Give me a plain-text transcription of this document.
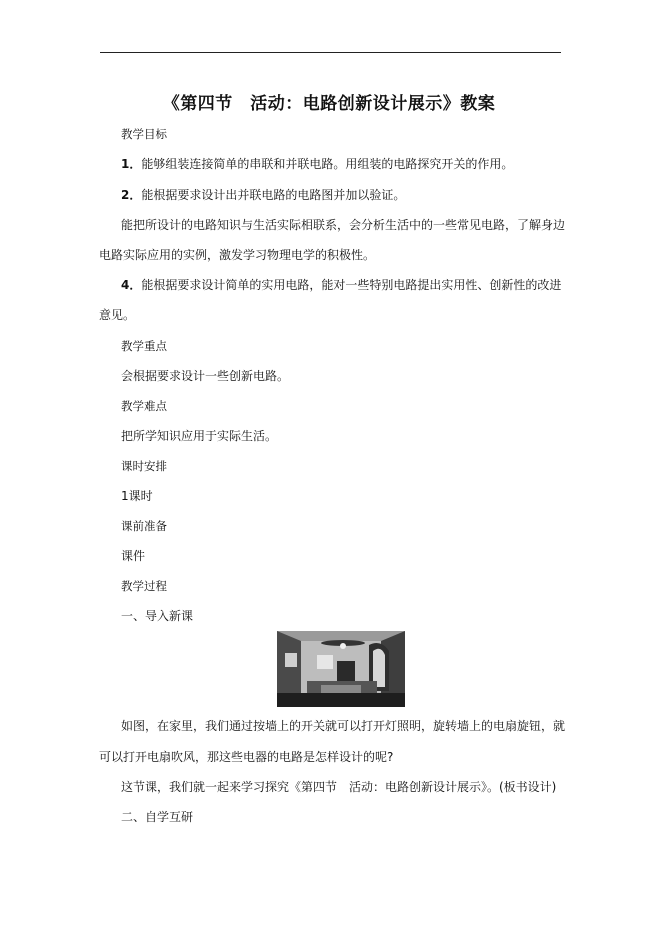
《第四节　活动：电路创新设计展示》教案
教学目标
1．能够组装连接简单的串联和并联电路。用组装的电路探究开关的作用。
2．能根据要求设计出并联电路的电路图并加以验证。
能把所设计的电路知识与生活实际相联系，会分析生活中的一些常见电路，了解身边
电路实际应用的实例，激发学习物理电学的积极性。
4．能根据要求设计简单的实用电路，能对一些特别电路提出实用性、创新性的改进
意见。
教学重点
会根据要求设计一些创新电路。
教学难点
把所学知识应用于实际生活。
课时安排
1课时
课前准备
课件
教学过程
一、导入新课
如图，在家里，我们通过按墙上的开关就可以打开灯照明，旋转墙上的电扇旋钮，就
可以打开电扇吹风，那这些电器的电路是怎样设计的呢?
这节课，我们就一起来学习探究《第四节　活动：电路创新设计展示》。(板书设计)
二、自学互研
